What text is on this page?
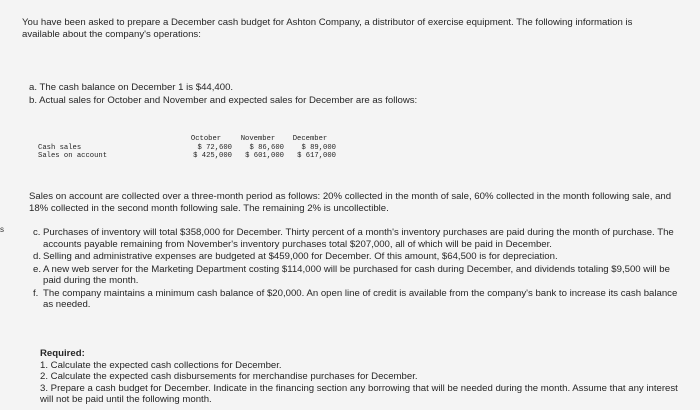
You have been asked to prepare a December cash budget for Ashton Company, a distributor of exercise equipment. The following information is available about the company's operations:
a. The cash balance on December 1 is $44,400.
b. Actual sales for October and November and expected sales for December are as follows:
October	November	December
Cash sales	$ 72,600	$ 86,600	$ 89,000
Sales on account	$ 425,000	$ 601,000	$ 617,000
Sales on account are collected over a three-month period as follows: 20% collected in the month of sale, 60% collected in the month following sale, and 18% collected in the second month following sale. The remaining 2% is uncollectible.
s	c. Purchases of inventory will total $358,000 for December. Thirty percent of a month's inventory purchases are paid during the month of purchase. The accounts payable remaining from November's inventory purchases total $207,000, all of which will be paid in December.
d. Selling and administrative expenses are budgeted at $459,000 for December. Of this amount, $64,500 is for depreciation.
e. A new web server for the Marketing Department costing $114,000 will be purchased for cash during December, and dividends totaling $9,500 will be paid during the month.
f. The company maintains a minimum cash balance of $20,000. An open line of credit is available from the company's bank to increase its cash balance as needed.
Required:
1. Calculate the expected cash collections for December.
2. Calculate the expected cash disbursements for merchandise purchases for December.
3. Prepare a cash budget for December. Indicate in the financing section any borrowing that will be needed during the month. Assume that any interest will not be paid until the following month.
